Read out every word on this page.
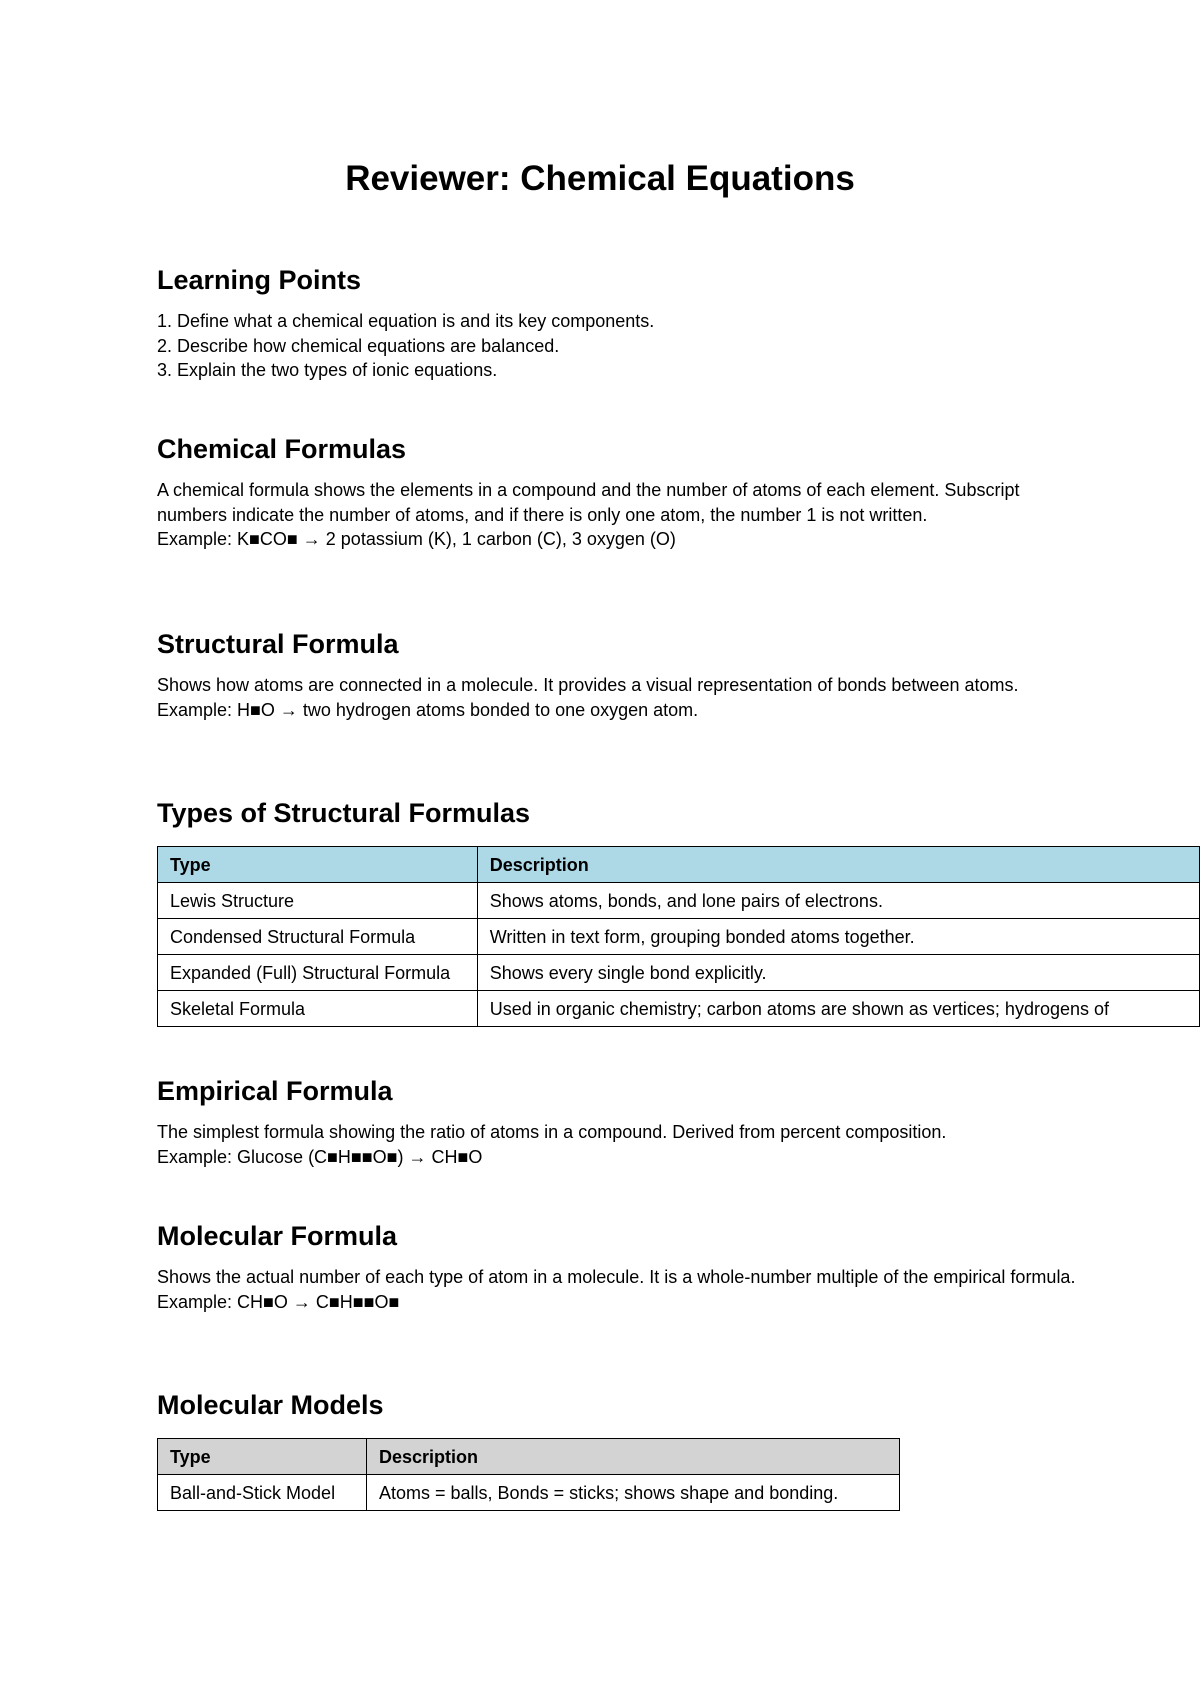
Reviewer: Chemical Equations
Learning Points
1. Define what a chemical equation is and its key components.
2. Describe how chemical equations are balanced.
3. Explain the two types of ionic equations.
Chemical Formulas

A chemical formula shows the elements in a compound and the number of atoms of each element. Subscript numbers indicate the number of atoms, and if there is only one atom, the number 1 is not written.

Example: K■CO■ → 2 potassium (K), 1 carbon (C), 3 oxygen (O)

Structural Formula

Shows how atoms are connected in a molecule. It provides a visual representation of bonds between atoms.

Example: H■O → two hydrogen atoms bonded to one oxygen atom.

Types of Structural Formulas
Type	Description
Lewis Structure	Shows atoms, bonds, and lone pairs of electrons.
Condensed Structural Formula	Written in text form, grouping bonded atoms together.
Expanded (Full) Structural Formula	Shows every single bond explicitly.
Skeletal Formula	Used in organic chemistry; carbon atoms are shown as vertices; hydrogens of
Empirical Formula

The simplest formula showing the ratio of atoms in a compound. Derived from percent composition.

Example: Glucose (C■H■■O■) → CH■O

Molecular Formula

Shows the actual number of each type of atom in a molecule. It is a whole-number multiple of the empirical formula.

Example: CH■O → C■H■■O■

Molecular Models
Type	Description
Ball-and-Stick Model	Atoms = balls, Bonds = sticks; shows shape and bonding.
